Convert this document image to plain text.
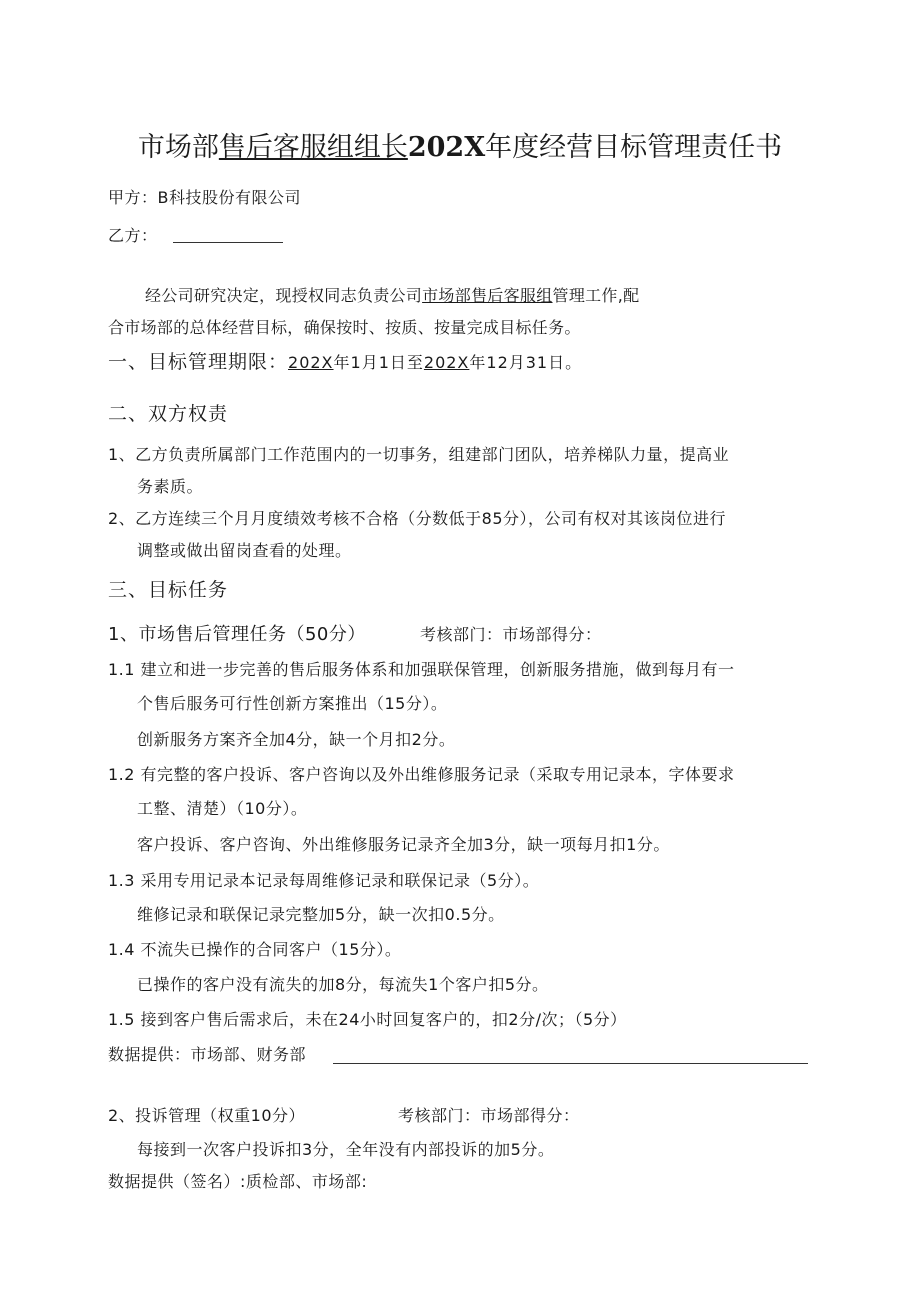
市场部售后客服组组长202X年度经营目标管理责任书
甲方：B科技股份有限公司
乙方：
经公司研究决定，现授权同志负责公司市场部售后客服组管理工作,配
合市场部的总体经营目标，确保按时、按质、按量完成目标任务。
一、目标管理期限：202X年1月1日至202X年12月31日。
二、双方权责
1、乙方负责所属部门工作范围内的一切事务，组建部门团队，培养梯队力量，提高业
务素质。
2、乙方连续三个月月度绩效考核不合格（分数低于85分），公司有权对其该岗位进行
调整或做出留岗查看的处理。
三、目标任务
1、市场售后管理任务（50分）	考核部门：市场部得分：
1.1 建立和进一步完善的售后服务体系和加强联保管理，创新服务措施，做到每月有一
个售后服务可行性创新方案推出（15分）。
创新服务方案齐全加4分，缺一个月扣2分。
1.2 有完整的客户投诉、客户咨询以及外出维修服务记录（采取专用记录本，字体要求
工整、清楚）（10分）。
客户投诉、客户咨询、外出维修服务记录齐全加3分，缺一项每月扣1分。
1.3 采用专用记录本记录每周维修记录和联保记录（5分）。
维修记录和联保记录完整加5分，缺一次扣0.5分。
1.4 不流失已操作的合同客户（15分）。
已操作的客户没有流失的加8分，每流失1个客户扣5分。
1.5 接到客户售后需求后，未在24小时回复客户的，扣2分/次；（5分）
数据提供：市场部、财务部
2、投诉管理（权重10分）	考核部门：市场部得分：
每接到一次客户投诉扣3分，全年没有内部投诉的加5分。
数据提供（签名）:质检部、市场部:
